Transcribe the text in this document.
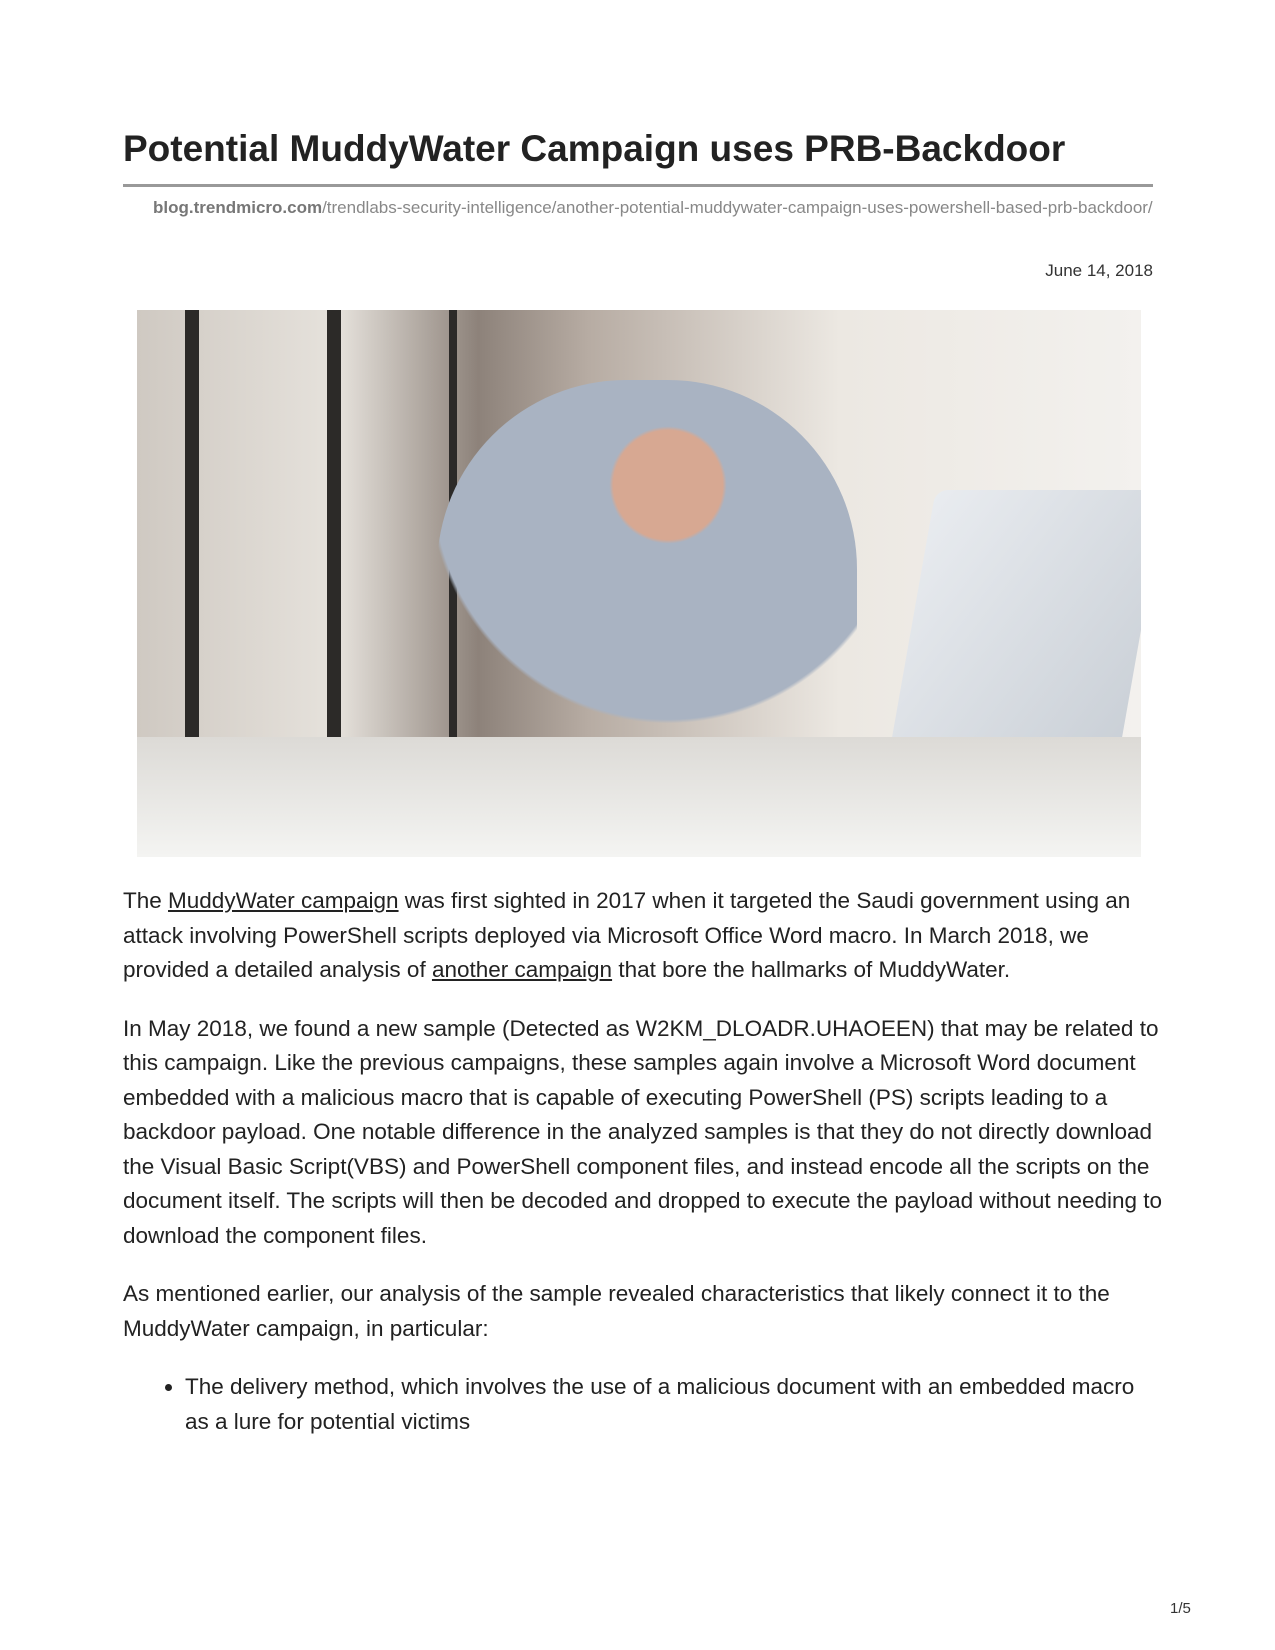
Potential MuddyWater Campaign uses PRB-Backdoor
blog.trendmicro.com/trendlabs-security-intelligence/another-potential-muddywater-campaign-uses-powershell-based-prb-backdoor/
June 14, 2018

The MuddyWater campaign was first sighted in 2017 when it targeted the Saudi government using an attack involving PowerShell scripts deployed via Microsoft Office Word macro. In March 2018, we provided a detailed analysis of another campaign that bore the hallmarks of MuddyWater.

In May 2018, we found a new sample (Detected as W2KM_DLOADR.UHAOEEN) that may be related to this campaign. Like the previous campaigns, these samples again involve a Microsoft Word document embedded with a malicious macro that is capable of executing PowerShell (PS) scripts leading to a backdoor payload. One notable difference in the analyzed samples is that they do not directly download the Visual Basic Script(VBS) and PowerShell component files, and instead encode all the scripts on the document itself. The scripts will then be decoded and dropped to execute the payload without needing to download the component files.

As mentioned earlier, our analysis of the sample revealed characteristics that likely connect it to the MuddyWater campaign, in particular:

• The delivery method, which involves the use of a malicious document with an embedded macro as a lure for potential victims
1/5
